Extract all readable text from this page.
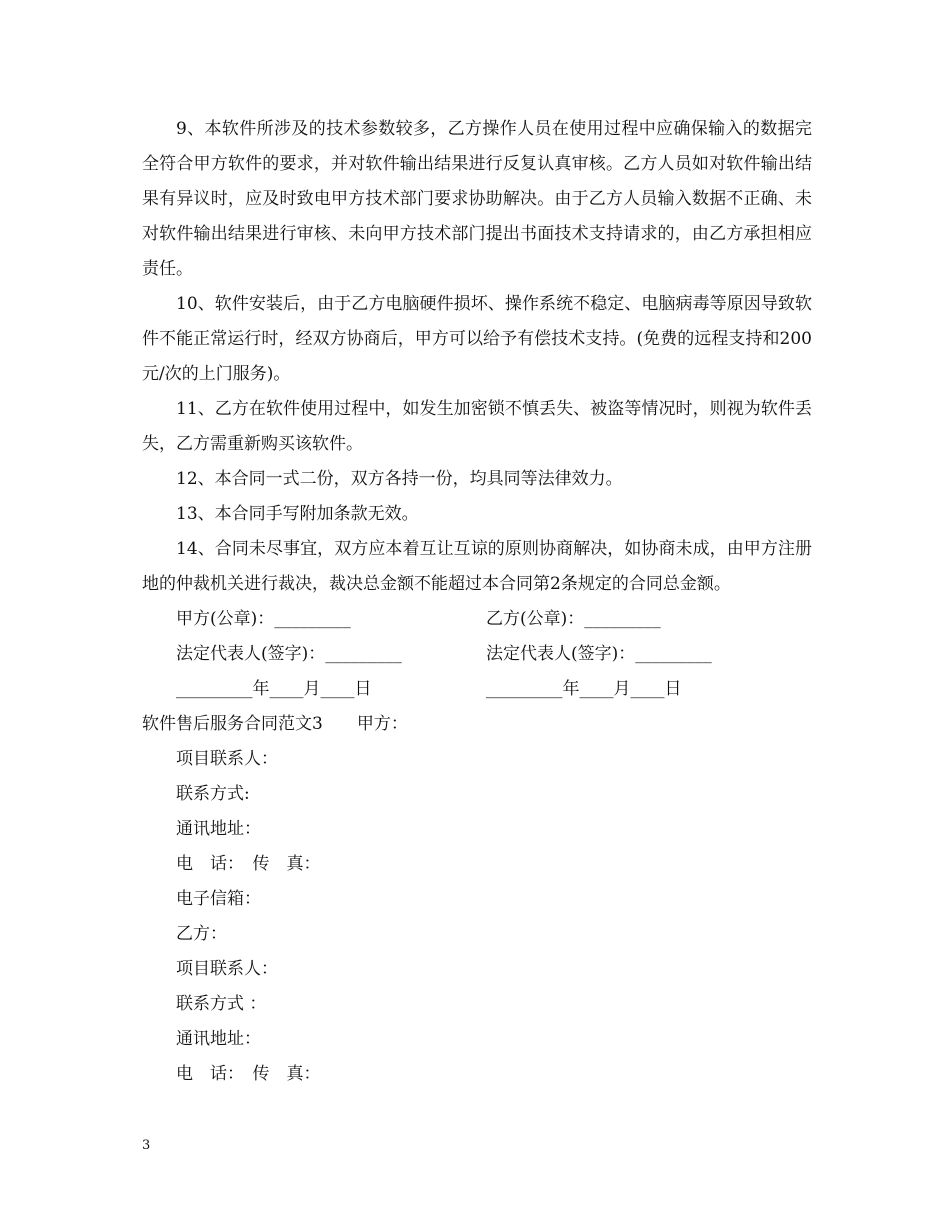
9、本软件所涉及的技术参数较多，乙方操作人员在使用过程中应确保输入的数据完全符合甲方软件的要求，并对软件输出结果进行反复认真审核。乙方人员如对软件输出结果有异议时，应及时致电甲方技术部门要求协助解决。由于乙方人员输入数据不正确、未对软件输出结果进行审核、未向甲方技术部门提出书面技术支持请求的，由乙方承担相应责任。

10、软件安装后，由于乙方电脑硬件损坏、操作系统不稳定、电脑病毒等原因导致软件不能正常运行时，经双方协商后，甲方可以给予有偿技术支持。(免费的远程支持和200元/次的上门服务)。

11、乙方在软件使用过程中，如发生加密锁不慎丢失、被盗等情况时，则视为软件丢失，乙方需重新购买该软件。

12、本合同一式二份，双方各持一份，均具同等法律效力。

13、本合同手写附加条款无效。

14、合同未尽事宜，双方应本着互让互谅的原则协商解决，如协商未成，由甲方注册地的仲裁机关进行裁决，裁决总金额不能超过本合同第2条规定的合同总金额。

甲方(公章)：_________	乙方(公章)：_________
法定代表人(签字)：_________	法定代表人(签字)：_________
_________年____月____日	_________年____月____日

软件售后服务合同范文3　　甲方：

项目联系人：

联系方式:

通讯地址：

电　话：　传　真：

电子信箱：

乙方：

项目联系人：

联系方式 ：

通讯地址：

电　话：　传　真：

3
